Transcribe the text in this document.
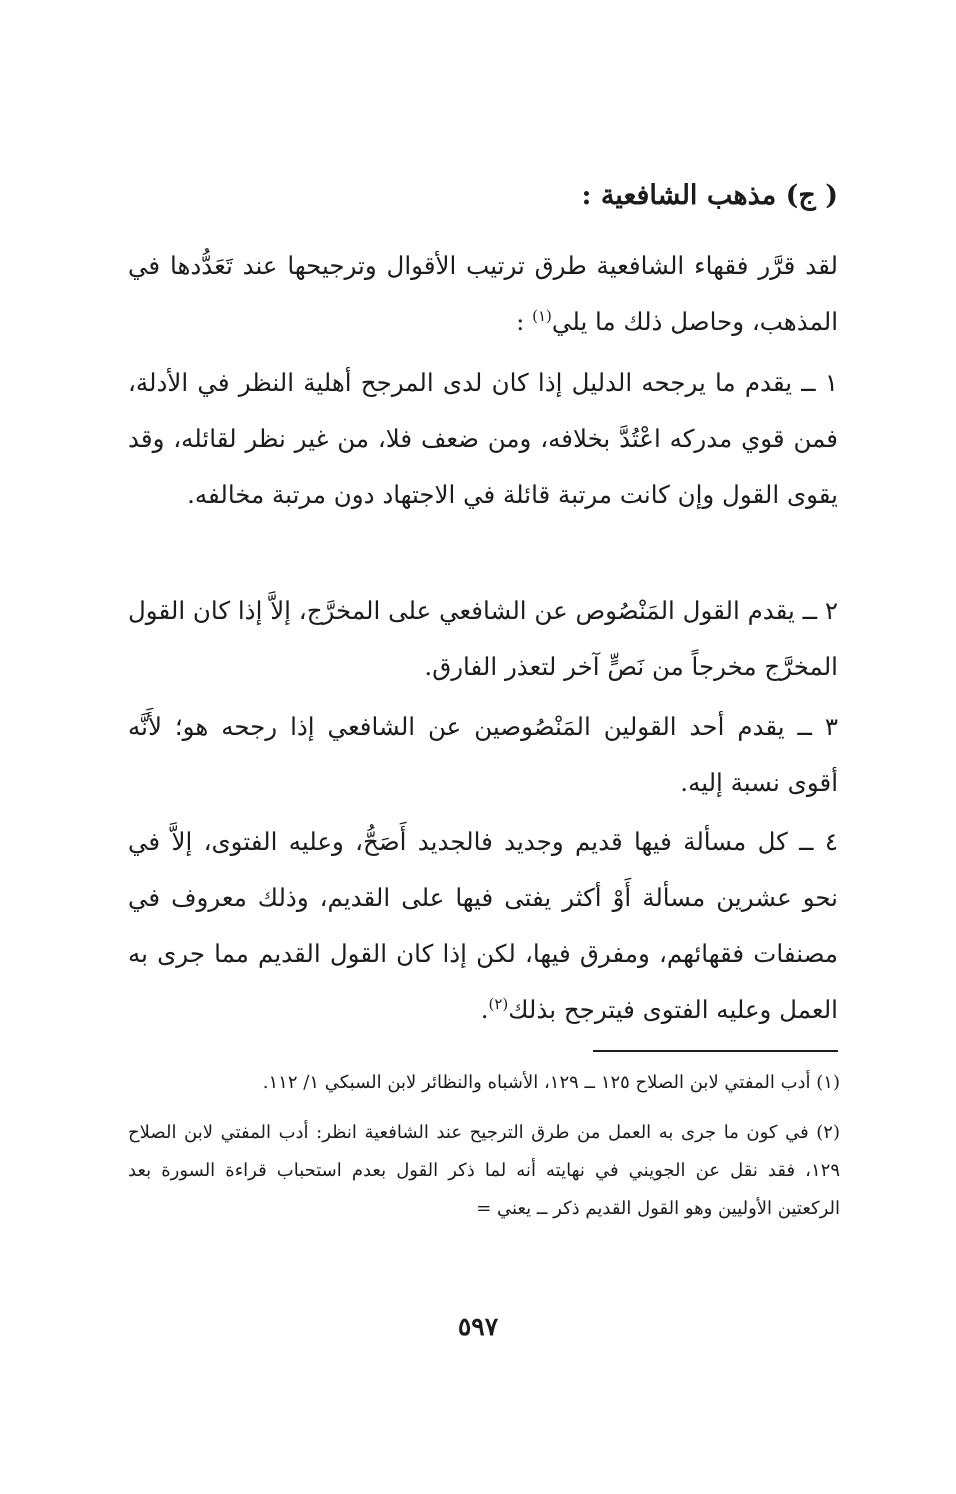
( ج) مذهب الشافعية :

لقد قرَّر فقهاء الشافعية طرق ترتيب الأقوال وترجيحها عند تَعَدُّدها في المذهب، وحاصل ذلك ما يلي$^{(١)}$ :

١ ــ يقدم ما يرجحه الدليل إذا كان لدى المرجح أهلية النظر في الأدلة، فمن قوي مدركه اعْتُدَّ بخلافه، ومن ضعف فلا، من غير نظر لقائله، وقد يقوى القول وإن كانت مرتبة قائلة في الاجتهاد دون مرتبة مخالفه.

٢ ــ يقدم القول المَنْصُوص عن الشافعي على المخرَّج، إلاَّ إذا كان القول المخرَّج مخرجاً من نَصٍّ آخر لتعذر الفارق.

٣ ــ يقدم أحد القولين المَنْصُوصين عن الشافعي إذا رجحه هو؛ لأَنَّه أقوى نسبة إليه.

٤ ــ كل مسألة فيها قديم وجديد فالجديد أَصَحُّ، وعليه الفتوى، إلاَّ في نحو عشرين مسألة أَوْ أكثر يفتى فيها على القديم، وذلك معروف في مصنفات فقهائهم، ومفرق فيها، لكن إذا كان القول القديم مما جرى به العمل وعليه الفتوى فيترجح بذلك$^{(٢)}$.

(١) أدب المفتي لابن الصلاح ١٢٥ ــ ١٢٩، الأشباه والنظائر لابن السبكي ١/ ١١٢.

(٢) في كون ما جرى به العمل من طرق الترجيح عند الشافعية انظر: أدب المفتي لابن الصلاح ١٢٩، فقد نقل عن الجويني في نهايته أنه لما ذكر القول بعدم استحباب قراءة السورة بعد الركعتين الأوليين وهو القول القديم ذكر ــ يعني =

٥٩٧
